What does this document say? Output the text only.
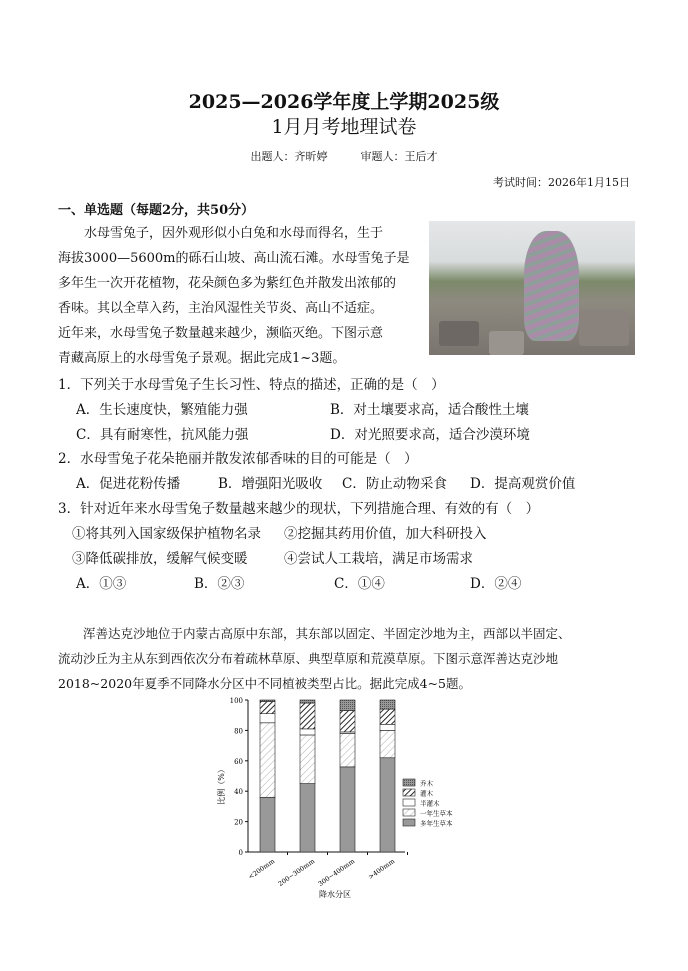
2025—2026学年度上学期2025级
1月月考地理试卷
出题人：齐昕婷　　　审题人：王后才
考试时间：2026年1月15日
一、单选题（每题2分，共50分）
　　水母雪兔子，因外观形似小白兔和水母而得名，生于
海拔3000—5600m的砾石山坡、高山流石滩。水母雪兔子是
多年生一次开花植物，花朵颜色多为紫红色并散发出浓郁的
香味。其以全草入药，主治风湿性关节炎、高山不适症。
近年来，水母雪兔子数量越来越少，濒临灭绝。下图示意
青藏高原上的水母雪兔子景观。据此完成1~3题。
1．下列关于水母雪兔子生长习性、特点的描述，正确的是（　）
A．生长速度快，繁殖能力强	B．对土壤要求高，适合酸性土壤
C．具有耐寒性，抗风能力强	D．对光照要求高，适合沙漠环境
2．水母雪兔子花朵艳丽并散发浓郁香味的目的可能是（　）
A．促进花粉传播	B．增强阳光吸收 C．防止动物采食 D．提高观赏价值
3．针对近年来水母雪兔子数量越来越少的现状，下列措施合理、有效的有（　）
①将其列入国家级保护植物名录 ②挖掘其药用价值，加大科研投入
③降低碳排放，缓解气候变暖	④尝试人工栽培，满足市场需求
A．①③	B．②③	C．①④	D．②④
　　浑善达克沙地位于内蒙古高原中东部，其东部以固定、半固定沙地为主，西部以半固定、
流动沙丘为主从东到西依次分布着疏林草原、典型草原和荒漠草原。下图示意浑善达克沙地
2018~2020年夏季不同降水分区中不同植被类型占比。据此完成4~5题。
0
20
40
60
80
100
<200mm 200~300mm 300~400mm >400mm
乔木
灌木
半灌木
一年生草本
多年生草本
比例（%）
降水分区
